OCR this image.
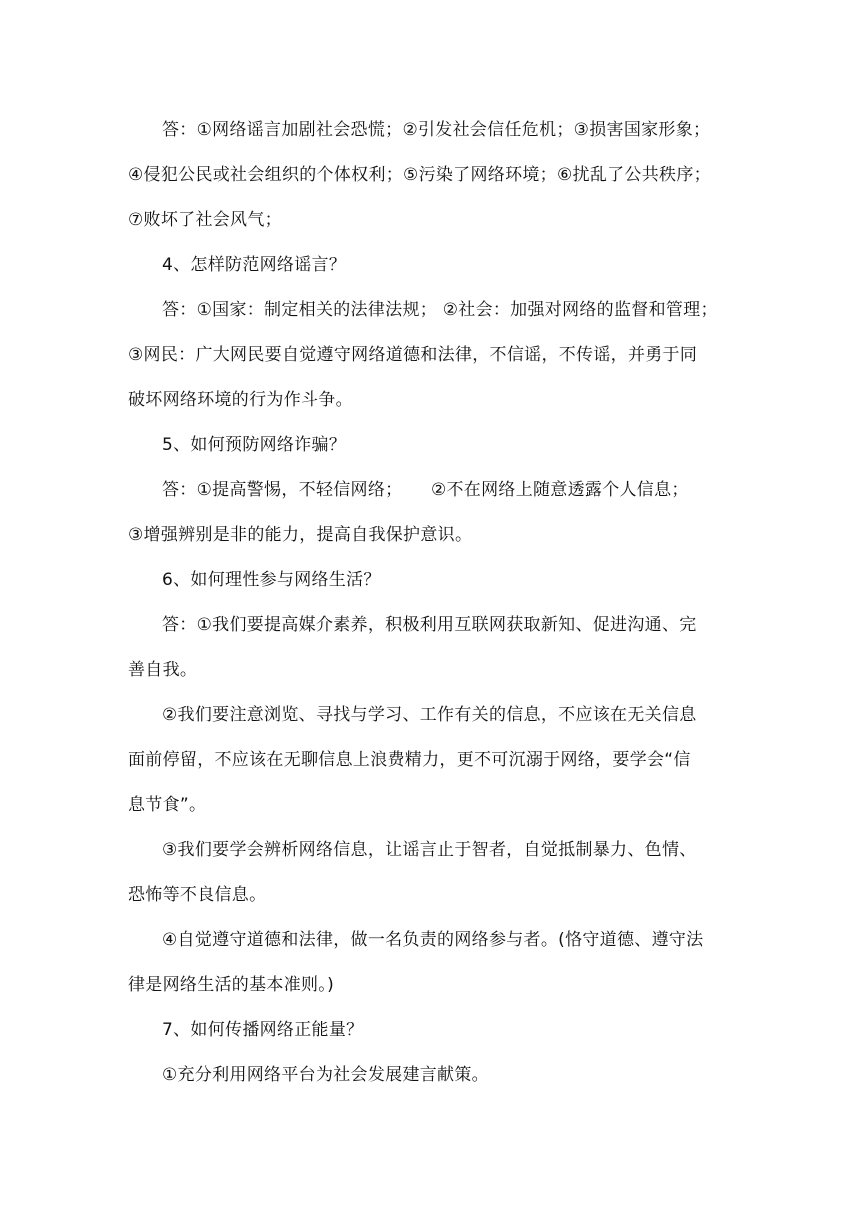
答：①网络谣言加剧社会恐慌；②引发社会信任危机；③损害国家形象；
④侵犯公民或社会组织的个体权利；⑤污染了网络环境；⑥扰乱了公共秩序；
⑦败坏了社会风气；
4、怎样防范网络谣言？
答：①国家：制定相关的法律法规； ②社会：加强对网络的监督和管理；
③网民：广大网民要自觉遵守网络道德和法律，不信谣，不传谣，并勇于同
破坏网络环境的行为作斗争。
5、如何预防网络诈骗？
答：①提高警惕，不轻信网络；     ②不在网络上随意透露个人信息；
③增强辨别是非的能力，提高自我保护意识。
6、如何理性参与网络生活？
答：①我们要提高媒介素养，积极利用互联网获取新知、促进沟通、完
善自我。
②我们要注意浏览、寻找与学习、工作有关的信息，不应该在无关信息
面前停留，不应该在无聊信息上浪费精力，更不可沉溺于网络，要学会“信
息节食”。
③我们要学会辨析网络信息，让谣言止于智者，自觉抵制暴力、色情、
恐怖等不良信息。
④自觉遵守道德和法律，做一名负责的网络参与者。(恪守道德、遵守法
律是网络生活的基本准则。)
7、如何传播网络正能量？
①充分利用网络平台为社会发展建言献策。
